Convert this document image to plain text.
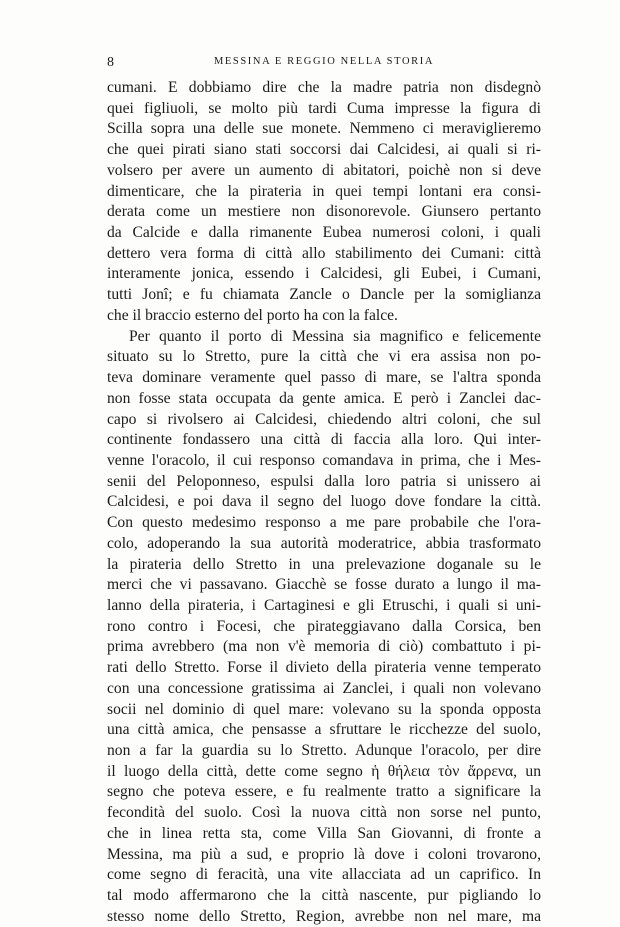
8	MESSINA E REGGIO NELLA STORIA
cumani. E dobbiamo dire che la madre patria non disdegnò
quei figliuoli, se molto più tardi Cuma impresse la figura di
Scilla sopra una delle sue monete. Nemmeno ci meraviglieremo
che quei pirati siano stati soccorsi dai Calcidesi, ai quali si ri-
volsero per avere un aumento di abitatori, poichè non si deve
dimenticare, che la pirateria in quei tempi lontani era consi-
derata come un mestiere non disonorevole. Giunsero pertanto
da Calcide e dalla rimanente Eubea numerosi coloni, i quali
dettero vera forma di città allo stabilimento dei Cumani: città
interamente jonica, essendo i Calcidesi, gli Eubei, i Cumani,
tutti Jonî; e fu chiamata Zancle o Dancle per la somiglianza
che il braccio esterno del porto ha con la falce.
Per quanto il porto di Messina sia magnifico e felicemente
situato su lo Stretto, pure la città che vi era assisa non po-
teva dominare veramente quel passo di mare, se l'altra sponda
non fosse stata occupata da gente amica. E però i Zanclei dac-
capo si rivolsero ai Calcidesi, chiedendo altri coloni, che sul
continente fondassero una città di faccia alla loro. Qui inter-
venne l'oracolo, il cui responso comandava in prima, che i Mes-
senii del Peloponneso, espulsi dalla loro patria si unissero ai
Calcidesi, e poi dava il segno del luogo dove fondare la città.
Con questo medesimo responso a me pare probabile che l'ora-
colo, adoperando la sua autorità moderatrice, abbia trasformato
la pirateria dello Stretto in una prelevazione doganale su le
merci che vi passavano. Giacchè se fosse durato a lungo il ma-
lanno della pirateria, i Cartaginesi e gli Etruschi, i quali si uni-
rono contro i Focesi, che pirateggiavano dalla Corsica, ben
prima avrebbero (ma non v'è memoria di ciò) combattuto i pi-
rati dello Stretto. Forse il divieto della pirateria venne temperato
con una concessione gratissima ai Zanclei, i quali non volevano
socii nel dominio di quel mare: volevano su la sponda opposta
una città amica, che pensasse a sfruttare le ricchezze del suolo,
non a far la guardia su lo Stretto. Adunque l'oracolo, per dire
il luogo della città, dette come segno ἡ θήλεια τὸν ἄρρενα, un
segno che poteva essere, e fu realmente tratto a significare la
fecondità del suolo. Così la nuova città non sorse nel punto,
che in linea retta sta, come Villa San Giovanni, di fronte a
Messina, ma più a sud, e proprio là dove i coloni trovarono,
come segno di feracità, una vite allacciata ad un caprifico. In
tal modo affermarono che la città nascente, pur pigliando lo
stesso nome dello Stretto, Region, avrebbe non nel mare, ma
